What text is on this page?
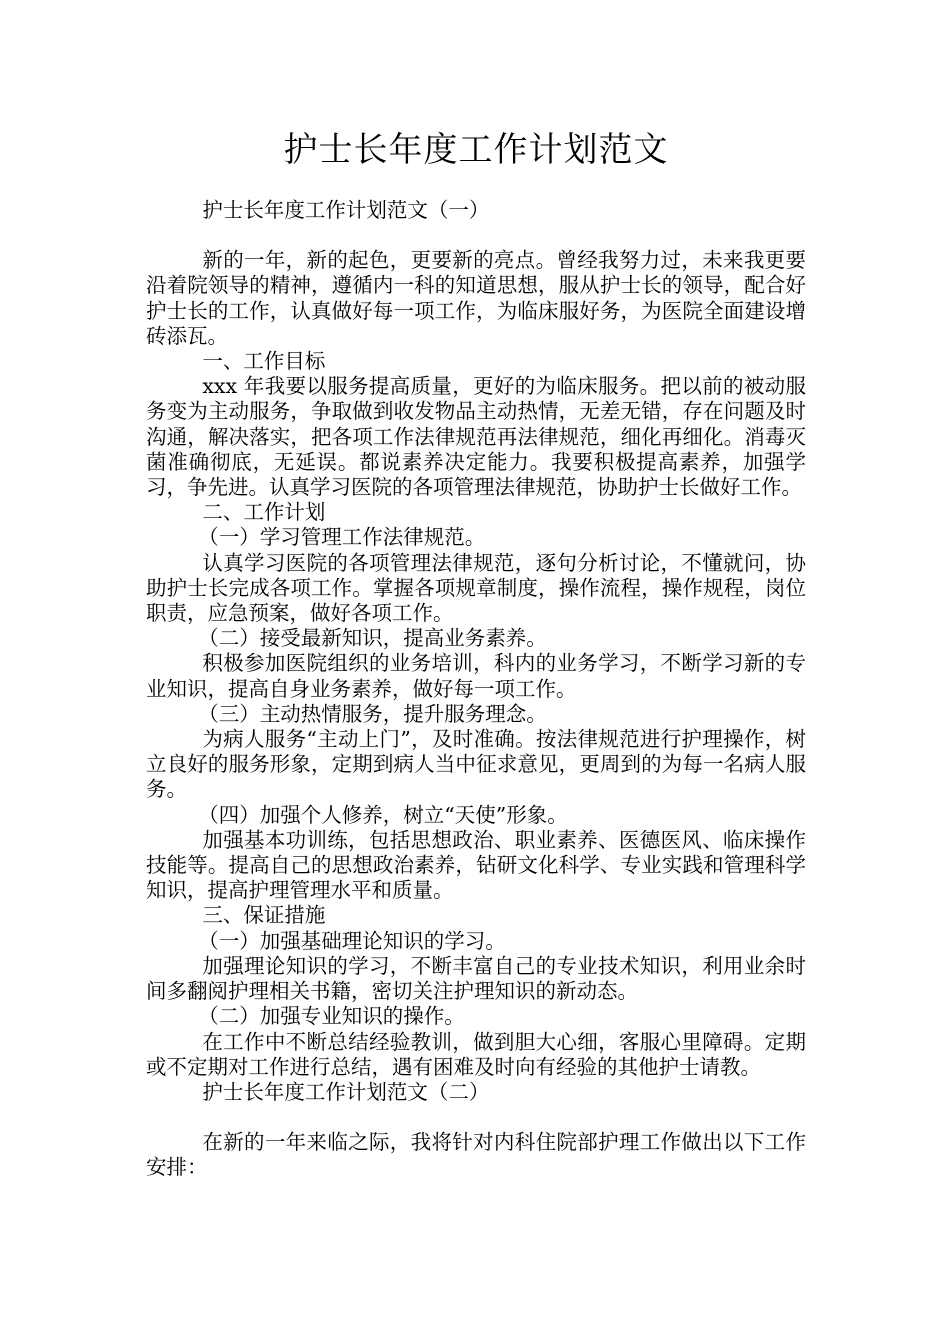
护士长年度工作计划范文

护士长年度工作计划范文（一）

新的一年，新的起色，更要新的亮点。曾经我努力过，未来我更要沿着院领导的精神，遵循内一科的知道思想，服从护士长的领导，配合好护士长的工作，认真做好每一项工作，为临床服好务，为医院全面建设增砖添瓦。

一、工作目标

xxx 年我要以服务提高质量，更好的为临床服务。把以前的被动服务变为主动服务，争取做到收发物品主动热情，无差无错，存在问题及时沟通，解决落实，把各项工作法律规范再法律规范，细化再细化。消毒灭菌准确彻底，无延误。都说素养决定能力。我要积极提高素养，加强学习，争先进。认真学习医院的各项管理法律规范，协助护士长做好工作。

二、工作计划

（一）学习管理工作法律规范。

认真学习医院的各项管理法律规范，逐句分析讨论，不懂就问，协助护士长完成各项工作。掌握各项规章制度，操作流程，操作规程，岗位职责，应急预案，做好各项工作。

（二）接受最新知识，提高业务素养。

积极参加医院组织的业务培训，科内的业务学习，不断学习新的专业知识，提高自身业务素养，做好每一项工作。

（三）主动热情服务，提升服务理念。

为病人服务“主动上门”，及时准确。按法律规范进行护理操作，树立良好的服务形象，定期到病人当中征求意见，更周到的为每一名病人服务。

（四）加强个人修养，树立“天使”形象。

加强基本功训练，包括思想政治、职业素养、医德医风、临床操作技能等。提高自己的思想政治素养，钻研文化科学、专业实践和管理科学知识，提高护理管理水平和质量。

三、保证措施

（一）加强基础理论知识的学习。

加强理论知识的学习，不断丰富自己的专业技术知识，利用业余时间多翻阅护理相关书籍，密切关注护理知识的新动态。

（二）加强专业知识的操作。

在工作中不断总结经验教训，做到胆大心细，客服心里障碍。定期或不定期对工作进行总结，遇有困难及时向有经验的其他护士请教。

护士长年度工作计划范文（二）

在新的一年来临之际，我将针对内科住院部护理工作做出以下工作安排：
